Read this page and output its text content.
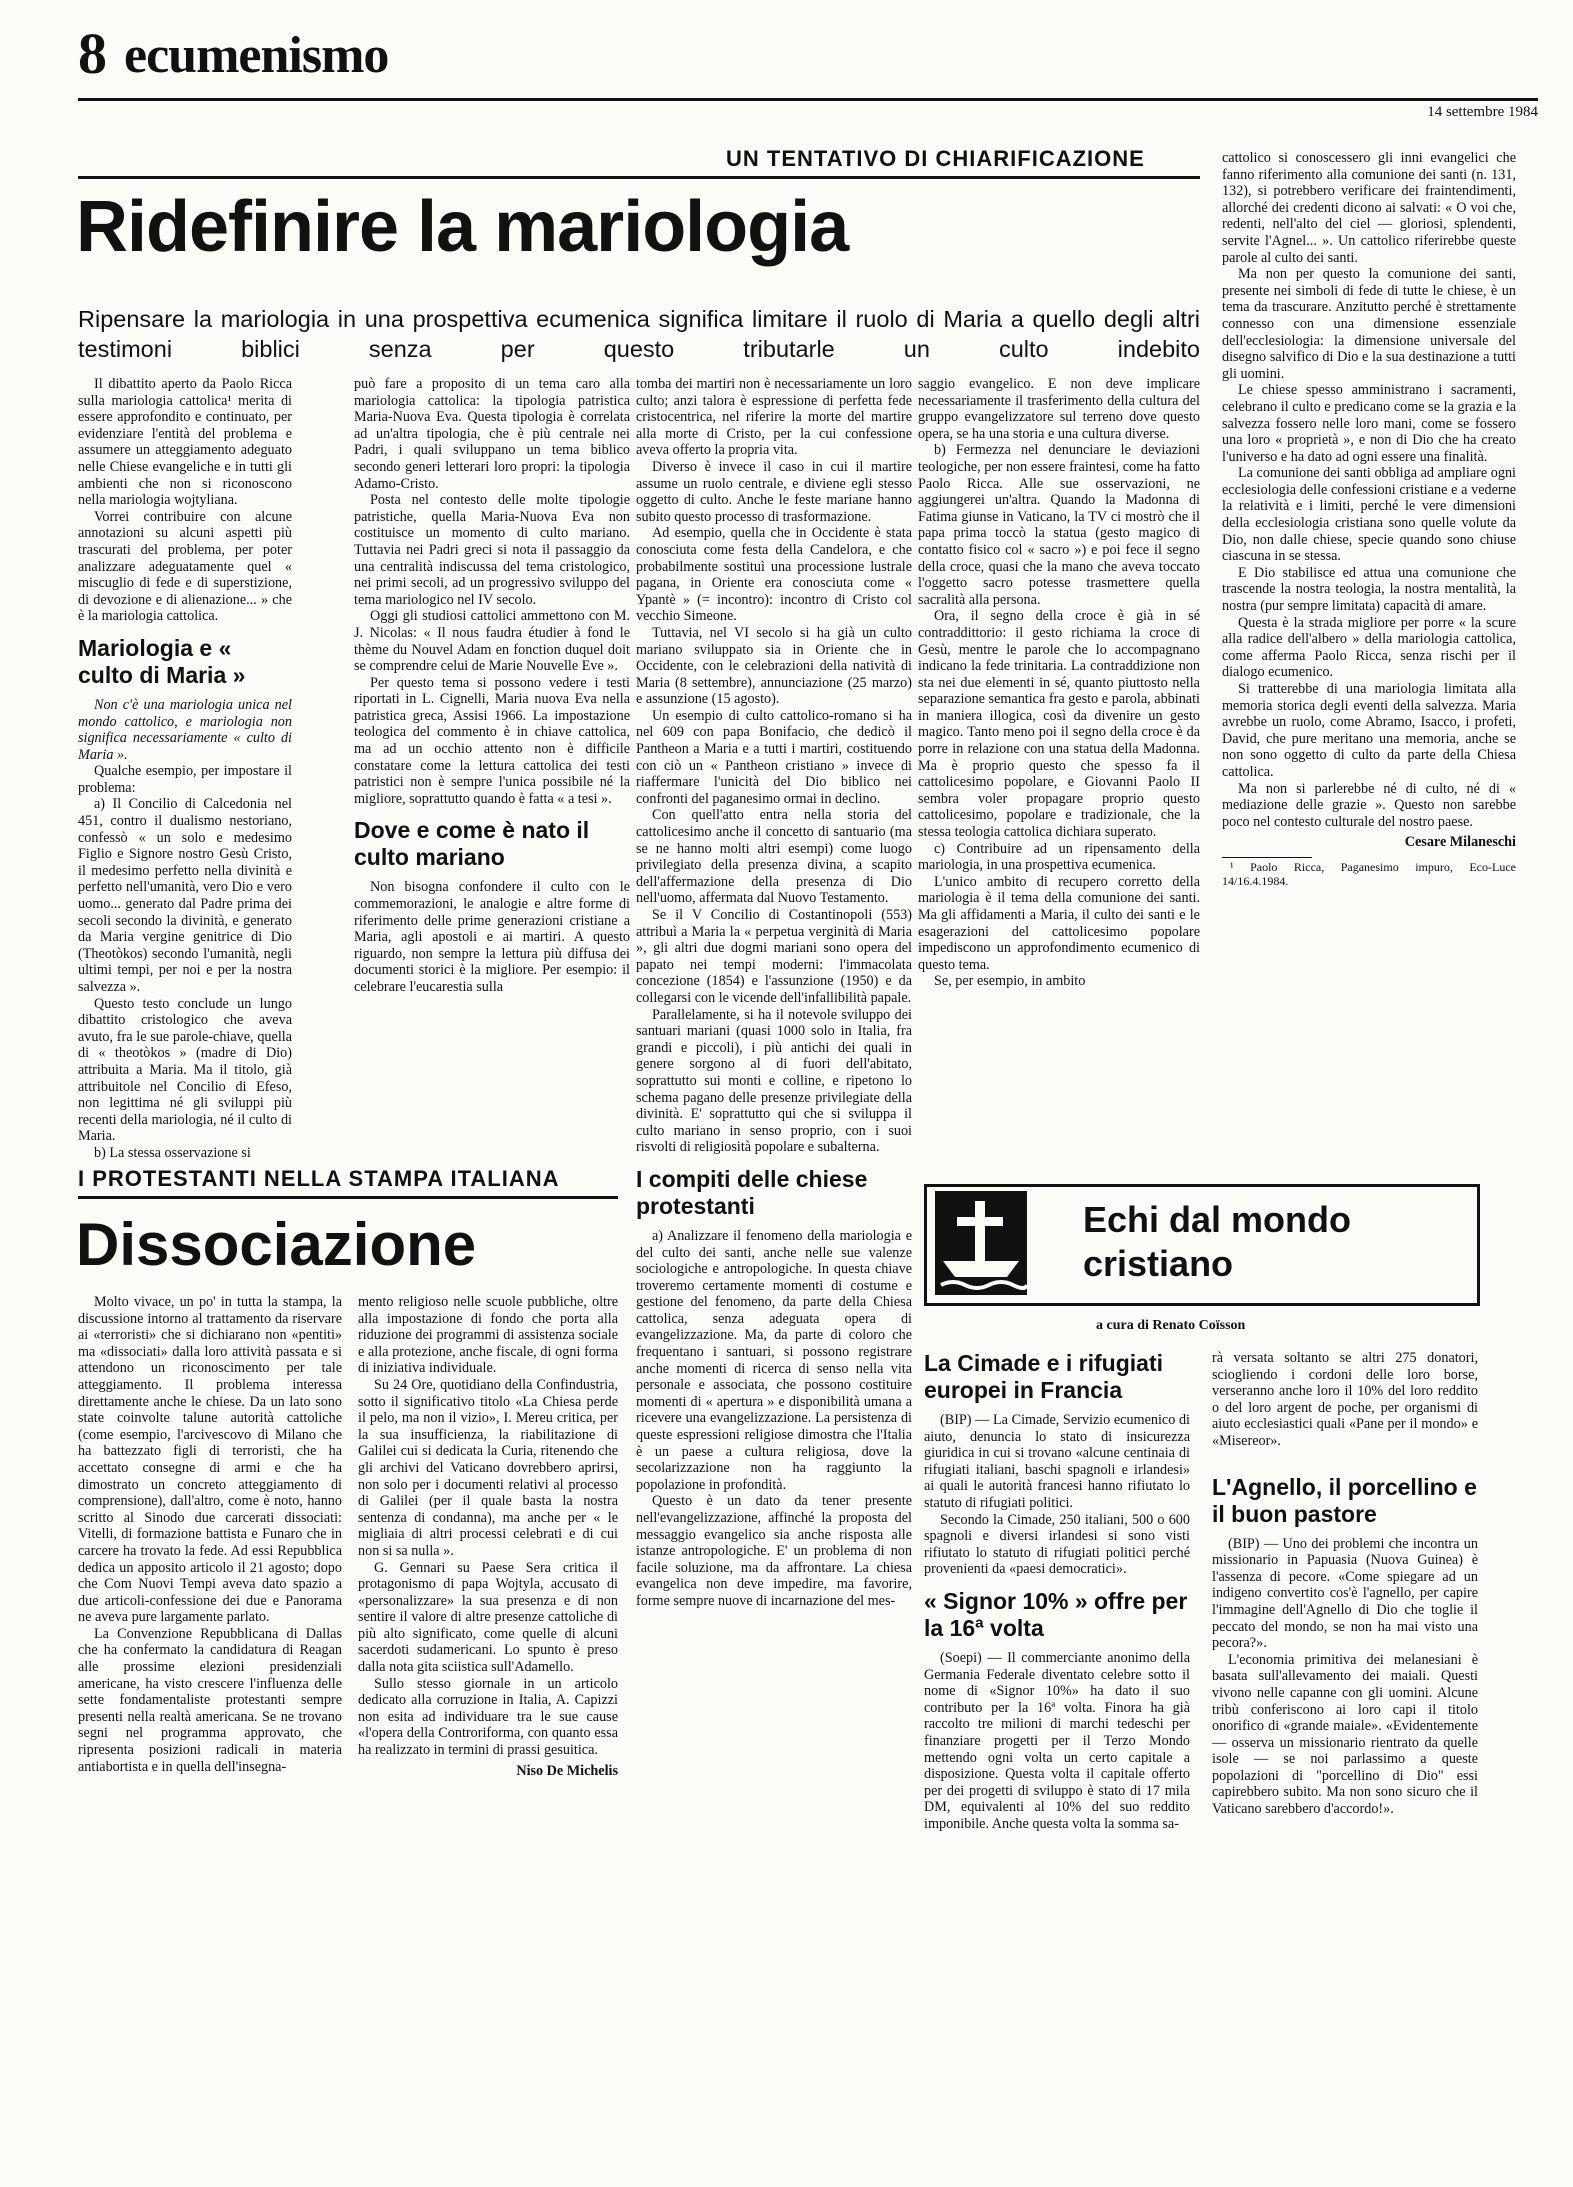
8 ecumenismo
14 settembre 1984
UN TENTATIVO DI CHIARIFICAZIONE
Ridefinire la mariologia
Ripensare la mariologia in una prospettiva ecumenica significa limitare il ruolo di Maria a quello degli altri testimoni biblici senza per questo tributarle un culto indebito

Il dibattito aperto da Paolo Ricca sulla mariologia cattolica¹ merita di essere approfondito e continuato, per evidenziare l'entità del problema e assumere un atteggiamento adeguato nelle Chiese evangeliche e in tutti gli ambienti che non si riconoscono nella mariologia wojtyliana.

Vorrei contribuire con alcune annotazioni su alcuni aspetti più trascurati del problema, per poter analizzare adeguatamente quel « miscuglio di fede e di superstizione, di devozione e di alienazione... » che è la mariologia cattolica.

Mariologia e « culto di Maria »

Non c'è una mariologia unica nel mondo cattolico, e mariologia non significa necessariamente « culto di Maria ».

Qualche esempio, per impostare il problema:

a) Il Concilio di Calcedonia nel 451, contro il dualismo nestoriano, confessò « un solo e medesimo Figlio e Signore nostro Gesù Cristo, il medesimo perfetto nella divinità e perfetto nell'umanità, vero Dio e vero uomo... generato dal Padre prima dei secoli secondo la divinità, e generato da Maria vergine genitrice di Dio (Theotòkos) secondo l'umanità, negli ultimi tempi, per noi e per la nostra salvezza ».

Questo testo conclude un lungo dibattito cristologico che aveva avuto, fra le sue parole-chiave, quella di « theotòkos » (madre di Dio) attribuita a Maria. Ma il titolo, già attribuitole nel Concilio di Efeso, non legittima né gli sviluppi più recenti della mariologia, né il culto di Maria.

b) La stessa osservazione si

può fare a proposito di un tema caro alla mariologia cattolica: la tipologia patristica Maria-Nuova Eva. Questa tipologia è correlata ad un'altra tipologia, che è più centrale nei Padri, i quali sviluppano un tema biblico secondo generi letterari loro propri: la tipologia Adamo-Cristo.

Posta nel contesto delle molte tipologie patristiche, quella Maria-Nuova Eva non costituisce un momento di culto mariano. Tuttavia nei Padri greci si nota il passaggio da una centralità indiscussa del tema cristologico, nei primi secoli, ad un progressivo sviluppo del tema mariologico nel IV secolo.

Oggi gli studiosi cattolici ammettono con M. J. Nicolas: « Il nous faudra étudier à fond le thème du Nouvel Adam en fonction duquel doit se comprendre celui de Marie Nouvelle Eve ».

Per questo tema si possono vedere i testi riportati in L. Cignelli, Maria nuova Eva nella patristica greca, Assisi 1966. La impostazione teologica del commento è in chiave cattolica, ma ad un occhio attento non è difficile constatare come la lettura cattolica dei testi patristici non è sempre l'unica possibile né la migliore, soprattutto quando è fatta « a tesi ».

Dove e come è nato il culto mariano

Non bisogna confondere il culto con le commemorazioni, le analogie e altre forme di riferimento delle prime generazioni cristiane a Maria, agli apostoli e ai martiri. A questo riguardo, non sempre la lettura più diffusa dei documenti storici è la migliore. Per esempio: il celebrare l'eucarestia sulla

tomba dei martiri non è necessariamente un loro culto; anzi talora è espressione di perfetta fede cristocentrica, nel riferire la morte del martire alla morte di Cristo, per la cui confessione aveva offerto la propria vita.

Diverso è invece il caso in cui il martire assume un ruolo centrale, e diviene egli stesso oggetto di culto. Anche le feste mariane hanno subito questo processo di trasformazione.

Ad esempio, quella che in Occidente è stata conosciuta come festa della Candelora, e che probabilmente sostituì una processione lustrale pagana, in Oriente era conosciuta come « Ypantè » (= incontro): incontro di Cristo col vecchio Simeone.

Tuttavia, nel VI secolo si ha già un culto mariano sviluppato sia in Oriente che in Occidente, con le celebrazioni della natività di Maria (8 settembre), annunciazione (25 marzo) e assunzione (15 agosto).

Un esempio di culto cattolico-romano si ha nel 609 con papa Bonifacio, che dedicò il Pantheon a Maria e a tutti i martiri, costituendo con ciò un « Pantheon cristiano » invece di riaffermare l'unicità del Dio biblico nei confronti del paganesimo ormai in declino.

Con quell'atto entra nella storia del cattolicesimo anche il concetto di santuario (ma se ne hanno molti altri esempi) come luogo privilegiato della presenza divina, a scapito dell'affermazione della presenza di Dio nell'uomo, affermata dal Nuovo Testamento.

Se il V Concilio di Costantinopoli (553) attribuì a Maria la « perpetua verginità di Maria », gli altri due dogmi mariani sono opera del papato nei tempi moderni: l'immacolata concezione (1854) e l'assunzione (1950) e da collegarsi con le vicende dell'infallibilità papale.

Parallelamente, si ha il notevole sviluppo dei santuari mariani (quasi 1000 solo in Italia, fra grandi e piccoli), i più antichi dei quali in genere sorgono al di fuori dell'abitato, soprattutto sui monti e colline, e ripetono lo schema pagano delle presenze privilegiate della divinità. E' soprattutto qui che si sviluppa il culto mariano in senso proprio, con i suoi risvolti di religiosità popolare e subalterna.

I compiti delle chiese protestanti

a) Analizzare il fenomeno della mariologia e del culto dei santi, anche nelle sue valenze sociologiche e antropologiche. In questa chiave troveremo certamente momenti di costume e gestione del fenomeno, da parte della Chiesa cattolica, senza adeguata opera di evangelizzazione. Ma, da parte di coloro che frequentano i santuari, si possono registrare anche momenti di ricerca di senso nella vita personale e associata, che possono costituire momenti di « apertura » e disponibilità umana a ricevere una evangelizzazione. La persistenza di queste espressioni religiose dimostra che l'Italia è un paese a cultura religiosa, dove la secolarizzazione non ha raggiunto la popolazione in profondità.

Questo è un dato da tener presente nell'evangelizzazione, affinché la proposta del messaggio evangelico sia anche risposta alle istanze antropologiche. E' un problema di non facile soluzione, ma da affrontare. La chiesa evangelica non deve impedire, ma favorire, forme sempre nuove di incarnazione del mes-

saggio evangelico. E non deve implicare necessariamente il trasferimento della cultura del gruppo evangelizzatore sul terreno dove questo opera, se ha una storia e una cultura diverse.

b) Fermezza nel denunciare le deviazioni teologiche, per non essere fraintesi, come ha fatto Paolo Ricca. Alle sue osservazioni, ne aggiungerei un'altra. Quando la Madonna di Fatima giunse in Vaticano, la TV ci mostrò che il papa prima toccò la statua (gesto magico di contatto fisico col « sacro ») e poi fece il segno della croce, quasi che la mano che aveva toccato l'oggetto sacro potesse trasmettere quella sacralità alla persona.

Ora, il segno della croce è già in sé contraddittorio: il gesto richiama la croce di Gesù, mentre le parole che lo accompagnano indicano la fede trinitaria. La contraddizione non sta nei due elementi in sé, quanto piuttosto nella separazione semantica fra gesto e parola, abbinati in maniera illogica, così da divenire un gesto magico. Tanto meno poi il segno della croce è da porre in relazione con una statua della Madonna. Ma è proprio questo che spesso fa il cattolicesimo popolare, e Giovanni Paolo II sembra voler propagare proprio questo cattolicesimo, popolare e tradizionale, che la stessa teologia cattolica dichiara superato.

c) Contribuire ad un ripensamento della mariologia, in una prospettiva ecumenica.

L'unico ambito di recupero corretto della mariologia è il tema della comunione dei santi. Ma gli affidamenti a Maria, il culto dei santi e le esagerazioni del cattolicesimo popolare impediscono un approfondimento ecumenico di questo tema.

Se, per esempio, in ambito

cattolico si conoscessero gli inni evangelici che fanno riferimento alla comunione dei santi (n. 131, 132), si potrebbero verificare dei fraintendimenti, allorché dei credenti dicono ai salvati: « O voi che, redenti, nell'alto del ciel — gloriosi, splendenti, servite l'Agnel... ». Un cattolico riferirebbe queste parole al culto dei santi.

Ma non per questo la comunione dei santi, presente nei simboli di fede di tutte le chiese, è un tema da trascurare. Anzitutto perché è strettamente connesso con una dimensione essenziale dell'ecclesiologia: la dimensione universale del disegno salvifico di Dio e la sua destinazione a tutti gli uomini.

Le chiese spesso amministrano i sacramenti, celebrano il culto e predicano come se la grazia e la salvezza fossero nelle loro mani, come se fossero una loro « proprietà », e non di Dio che ha creato l'universo e ha dato ad ogni essere una finalità.

La comunione dei santi obbliga ad ampliare ogni ecclesiologia delle confessioni cristiane e a vederne la relatività e i limiti, perché le vere dimensioni della ecclesiologia cristiana sono quelle volute da Dio, non dalle chiese, specie quando sono chiuse ciascuna in se stessa.

E Dio stabilisce ed attua una comunione che trascende la nostra teologia, la nostra mentalità, la nostra (pur sempre limitata) capacità di amare.

Questa è la strada migliore per porre « la scure alla radice dell'albero » della mariologia cattolica, come afferma Paolo Ricca, senza rischi per il dialogo ecumenico.

Si tratterebbe di una mariologia limitata alla memoria storica degli eventi della salvezza. Maria avrebbe un ruolo, come Abramo, Isacco, i profeti, David, che pure meritano una memoria, anche se non sono oggetto di culto da parte della Chiesa cattolica.

Ma non si parlerebbe né di culto, né di « mediazione delle grazie ». Questo non sarebbe poco nel contesto culturale del nostro paese.

Cesare Milaneschi

¹ Paolo Ricca, Paganesimo impuro, Eco-Luce 14/16.4.1984.

I PROTESTANTI NELLA STAMPA ITALIANA
Dissociazione

Molto vivace, un po' in tutta la stampa, la discussione intorno al trattamento da riservare ai «terroristi» che si dichiarano non «pentiti» ma «dissociati» dalla loro attività passata e si attendono un riconoscimento per tale atteggiamento. Il problema interessa direttamente anche le chiese. Da un lato sono state coinvolte talune autorità cattoliche (come esempio, l'arcivescovo di Milano che ha battezzato figli di terroristi, che ha accettato consegne di armi e che ha dimostrato un concreto atteggiamento di comprensione), dall'altro, come è noto, hanno scritto al Sinodo due carcerati dissociati: Vitelli, di formazione battista e Funaro che in carcere ha trovato la fede. Ad essi Repubblica dedica un apposito articolo il 21 agosto; dopo che Com Nuovi Tempi aveva dato spazio a due articoli-confessione dei due e Panorama ne aveva pure largamente parlato.

La Convenzione Repubblicana di Dallas che ha confermato la candidatura di Reagan alle prossime elezioni presidenziali americane, ha visto crescere l'influenza delle sette fondamentaliste protestanti sempre presenti nella realtà americana. Se ne trovano segni nel programma approvato, che ripresenta posizioni radicali in materia antiabortista e in quella dell'insegna-

mento religioso nelle scuole pubbliche, oltre alla impostazione di fondo che porta alla riduzione dei programmi di assistenza sociale e alla protezione, anche fiscale, di ogni forma di iniziativa individuale.

Su 24 Ore, quotidiano della Confindustria, sotto il significativo titolo «La Chiesa perde il pelo, ma non il vizio», I. Mereu critica, per la sua insufficienza, la riabilitazione di Galilei cui si dedicata la Curia, ritenendo che gli archivi del Vaticano dovrebbero aprirsi, non solo per i documenti relativi al processo di Galilei (per il quale basta la nostra sentenza di condanna), ma anche per « le migliaia di altri processi celebrati e di cui non si sa nulla ».

G. Gennari su Paese Sera critica il protagonismo di papa Wojtyla, accusato di «personalizzare» la sua presenza e di non sentire il valore di altre presenze cattoliche di più alto significato, come quelle di alcuni sacerdoti sudamericani. Lo spunto è preso dalla nota gita sciistica sull'Adamello.

Sullo stesso giornale in un articolo dedicato alla corruzione in Italia, A. Capizzi non esita ad individuare tra le sue cause «l'opera della Controriforma, con quanto essa ha realizzato in termini di prassi gesuitica.

Niso De Michelis

Echi dal mondo
cristiano
a cura di Renato Coïsson
La Cimade e i rifugiati europei in Francia

(BIP) — La Cimade, Servizio ecumenico di aiuto, denuncia lo stato di insicurezza giuridica in cui si trovano «alcune centinaia di rifugiati italiani, baschi spagnoli e irlandesi» ai quali le autorità francesi hanno rifiutato lo statuto di rifugiati politici.

Secondo la Cimade, 250 italiani, 500 o 600 spagnoli e diversi irlandesi si sono visti rifiutato lo statuto di rifugiati politici perché provenienti da «paesi democratici».

« Signor 10% » offre per la 16ª volta

(Soepi) — Il commerciante anonimo della Germania Federale diventato celebre sotto il nome di «Signor 10%» ha dato il suo contributo per la 16ª volta. Finora ha già raccolto tre milioni di marchi tedeschi per finanziare progetti per il Terzo Mondo mettendo ogni volta un certo capitale a disposizione. Questa volta il capitale offerto per dei progetti di sviluppo è stato di 17 mila DM, equivalenti al 10% del suo reddito imponibile. Anche questa volta la somma sa-

rà versata soltanto se altri 275 donatori, sciogliendo i cordoni delle loro borse, verseranno anche loro il 10% del loro reddito o del loro argent de poche, per organismi di aiuto ecclesiastici quali «Pane per il mondo» e «Misereor».

L'Agnello, il porcellino e il buon pastore

(BIP) — Uno dei problemi che incontra un missionario in Papuasia (Nuova Guinea) è l'assenza di pecore. «Come spiegare ad un indigeno convertito cos'è l'agnello, per capire l'immagine dell'Agnello di Dio che toglie il peccato del mondo, se non ha mai visto una pecora?».

L'economia primitiva dei melanesiani è basata sull'allevamento dei maiali. Questi vivono nelle capanne con gli uomini. Alcune tribù conferiscono ai loro capi il titolo onorifico di «grande maiale». «Evidentemente — osserva un missionario rientrato da quelle isole — se noi parlassimo a queste popolazioni di "porcellino di Dio" essi capirebbero subito. Ma non sono sicuro che il Vaticano sarebbero d'accordo!».
